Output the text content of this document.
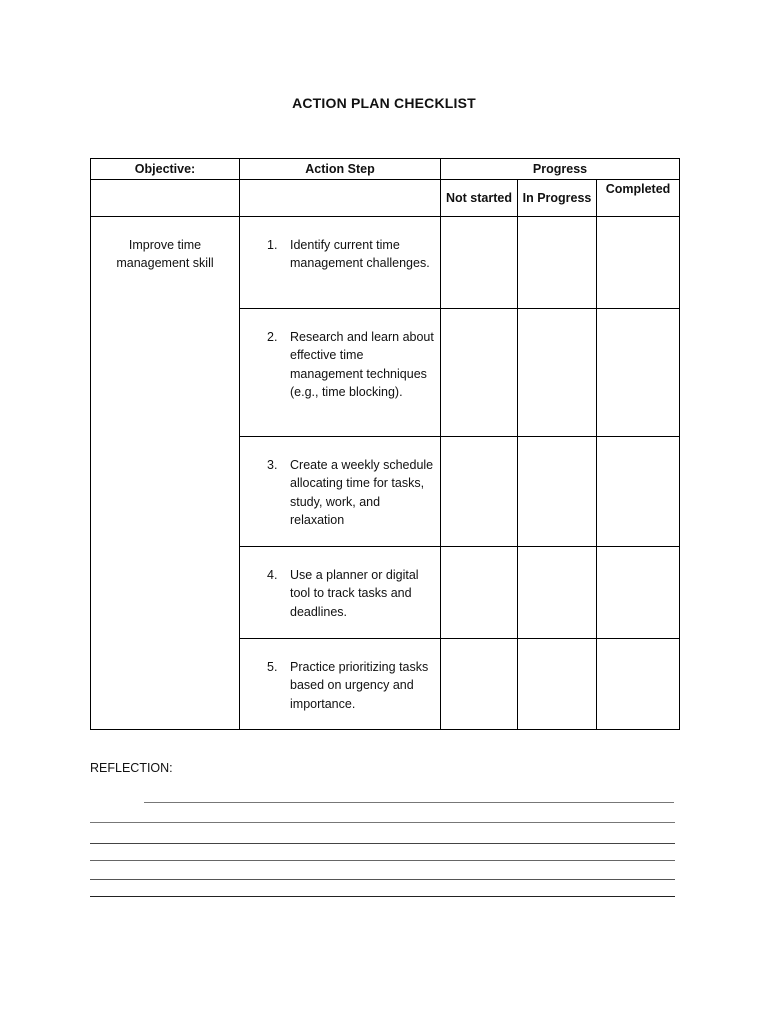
ACTION PLAN CHECKLIST
Objective:	Action Step	Progress		
		Not started	In Progress	Completed
Improve time management skill	1. Identify current time management challenges.			

	2. Research and learn about effective time management techniques (e.g., time blocking).			

	3. Create a weekly schedule allocating time for tasks, study, work, and relaxation			

	4. Use a planner or digital tool to track tasks and deadlines.			

	5. Practice prioritizing tasks based on urgency and importance.			

REFLECTION:
